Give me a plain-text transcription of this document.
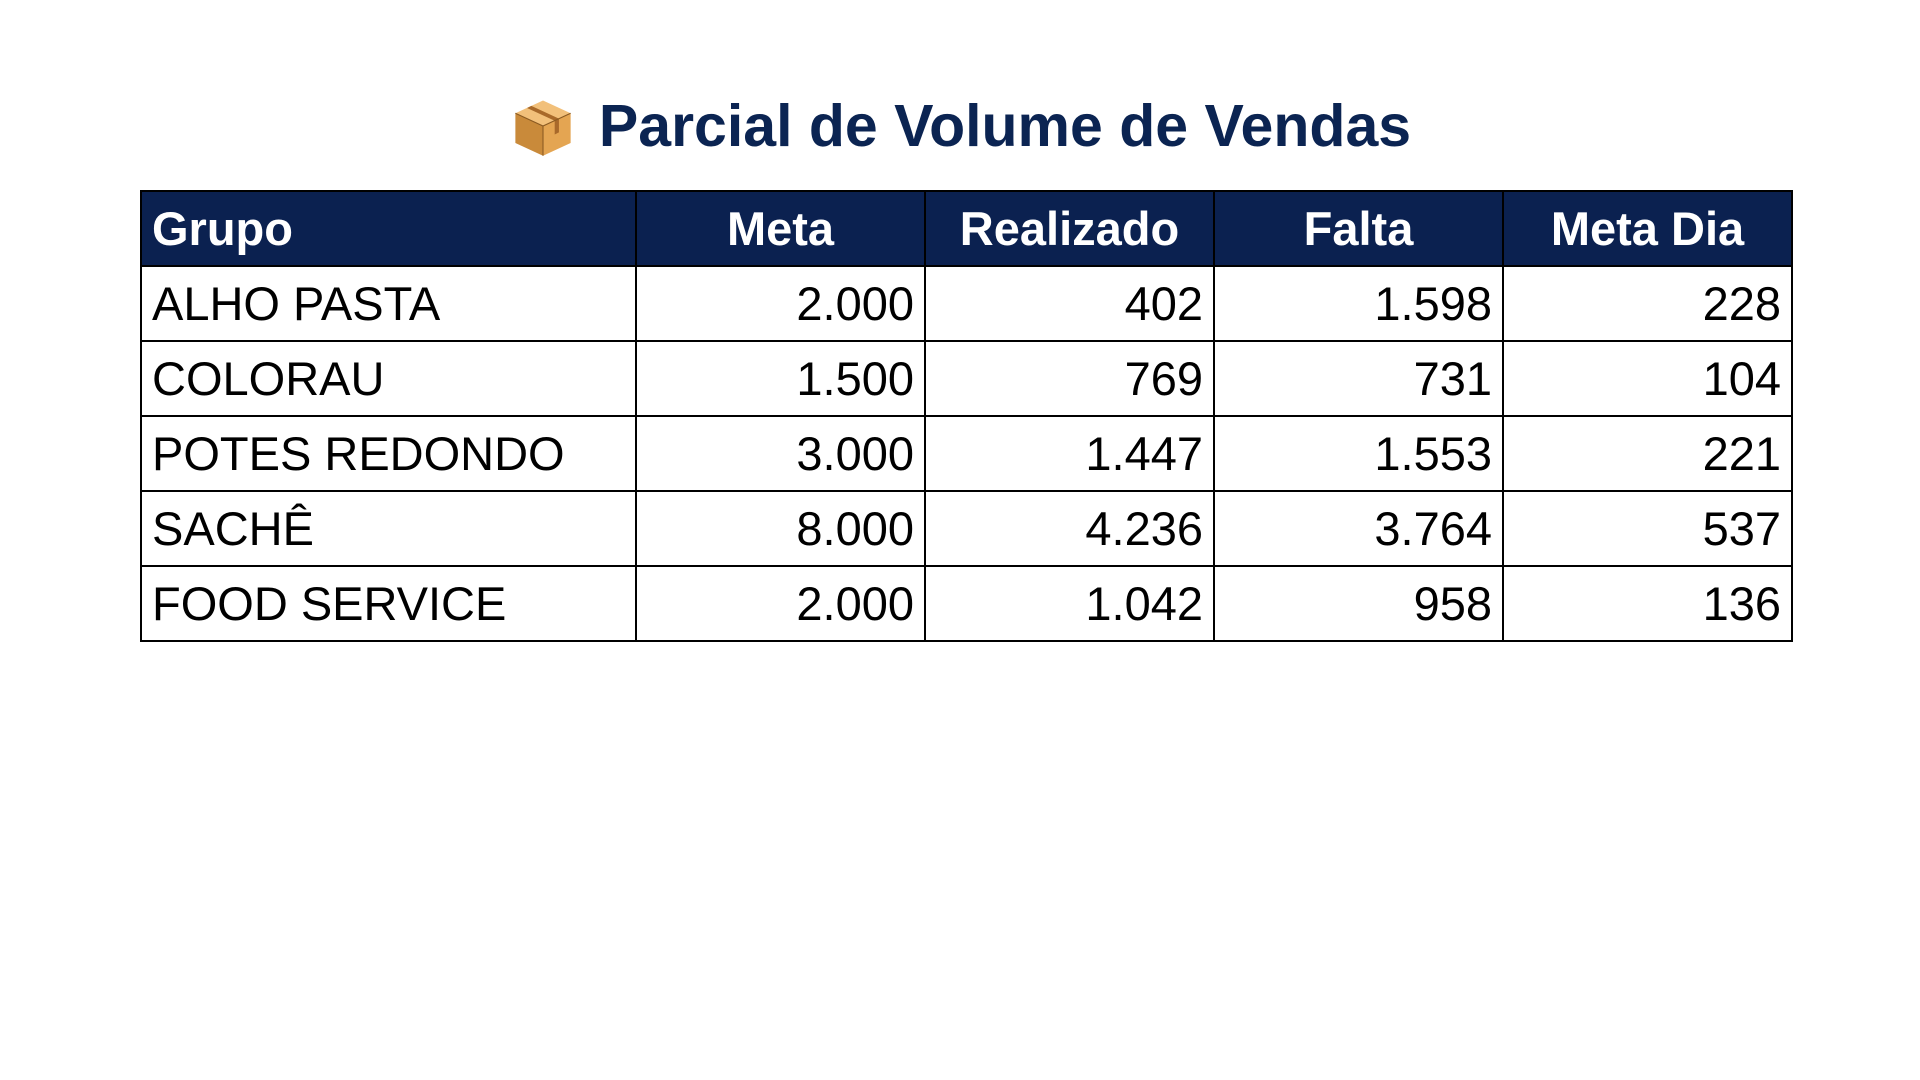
Parcial de Volume de Vendas
Grupo	Meta	Realizado	Falta	Meta Dia
ALHO PASTA	2.000	402	1.598	228
COLORAU	1.500	769	731	104
POTES REDONDO	3.000	1.447	1.553	221
SACHÊ	8.000	4.236	3.764	537
FOOD SERVICE	2.000	1.042	958	136
